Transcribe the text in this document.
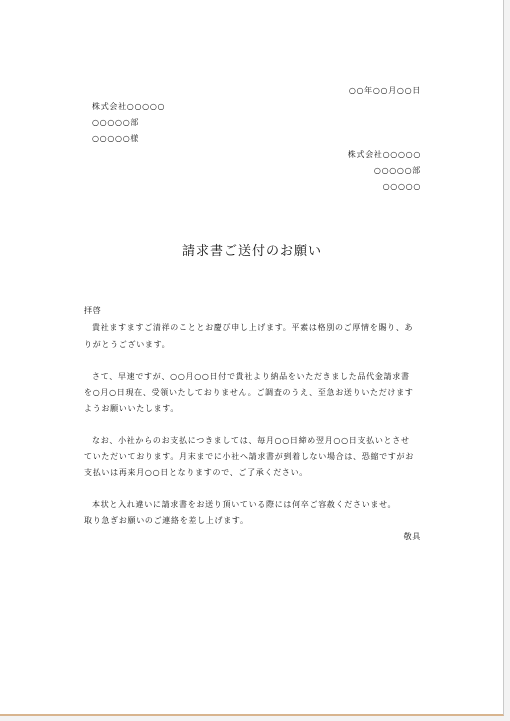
○○年○○月○○日
株式会社○○○○○
○○○○○部
○○○○○様
株式会社○○○○○
○○○○○部
○○○○○
請求書ご送付のお願い
拝啓
貴社ますますご清祥のこととお慶び申し上げます。平素は格別のご厚情を賜り、あ
りがとうございます。
さて、早速ですが、○○月○○日付で貴社より納品をいただきました品代金請求書
を○月○日現在、受領いたしておりません。ご調査のうえ、至急お送りいただけます
ようお願いいたします。
なお、小社からのお支払につきましては、毎月○○日締め翌月○○日支払いとさせ
ていただいております。月末までに小社へ請求書が到着しない場合は、恐縮ですがお
支払いは再来月○○日となりますので、ご了承ください。
本状と入れ違いに請求書をお送り頂いている際には何卒ご容赦くださいませ。
取り急ぎお願いのご連絡を差し上げます。
敬具
